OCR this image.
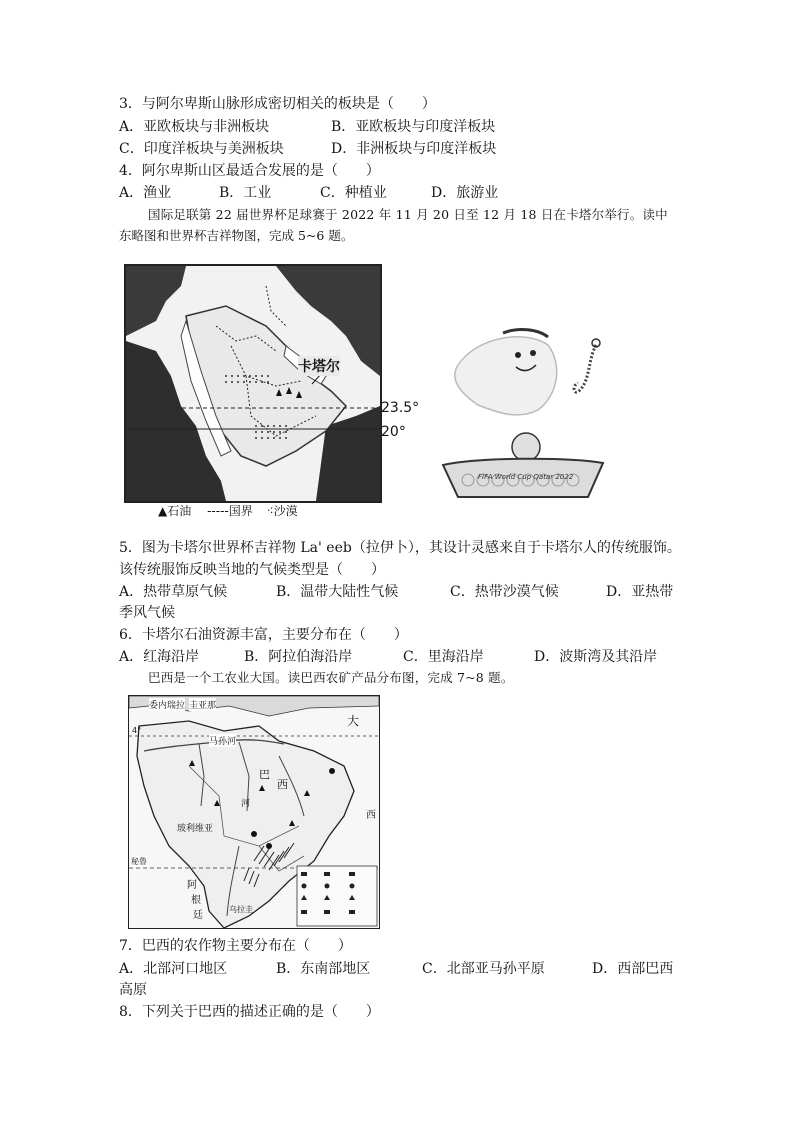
3．与阿尔卑斯山脉形成密切相关的板块是（　　）
A．亚欧板块与非洲板块	B．亚欧板块与印度洋板块
C．印度洋板块与美洲板块	D．非洲板块与印度洋板块
4．阿尔卑斯山区最适合发展的是（　　）
A．渔业	B．工业	C．种植业	D．旅游业
国际足联第 22 届世界杯足球赛于 2022 年 11 月 20 日至 12 月 18 日在卡塔尔举行。读中
东略图和世界杯吉祥物图，完成 5~6 题。
卡塔尔
23.5°
20°
▲石油 -----国界 ⁖沙漠
FIFA World Cup Qatar 2022
5．图为卡塔尔世界杯吉祥物 La' eeb（拉伊卜），其设计灵感来自于卡塔尔人的传统服饰。
该传统服饰反映当地的气候类型是（　　）
A．热带草原气候	B．温带大陆性气候	C．热带沙漠气候	D．亚热带
季风气候
6．卡塔尔石油资源丰富，主要分布在（　　）
A．红海沿岸	B．阿拉伯海沿岸	C．里海沿岸	D．波斯湾及其沿岸
巴西是一个工农业大国。读巴西农矿产品分布图，完成 7~8 题。
大
西
委内瑞拉 圭亚那
马孙河
4°
巴
西
河
玻利维亚
秘鲁
阿
根
廷
乌拉圭
7．巴西的农作物主要分布在（　　）
A．北部河口地区	B．东南部地区	C．北部亚马孙平原	D．西部巴西
高原
8．下列关于巴西的描述正确的是（　　）
